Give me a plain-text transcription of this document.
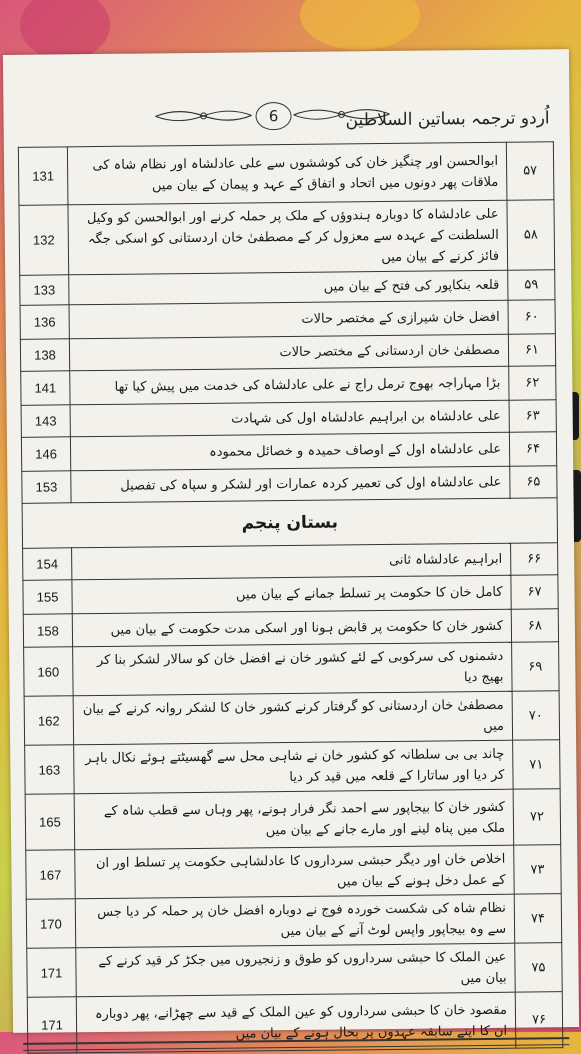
6	اُردو ترجمہ بساتین السلاطین
131	ابوالحسن اور چنگیز خان کی کوششوں سے علی عادلشاہ اور نظام شاہ کی ملاقات پھر دونوں میں اتحاد و اتفاق کے عہد و پیمان کے بیان میں	۵۷
132	علی عادلشاہ کا دوبارہ ہندوؤں کے ملک پر حملہ کرنے اور ابوالحسن کو وکیل السلطنت کے عہدہ سے معزول کر کے مصطفیٰ خان اردستانی کو اسکی جگہ فائز کرنے کے بیان میں	۵۸
133	قلعہ بنکاپور کی فتح کے بیان میں	۵۹
136	افضل خان شیرازی کے مختصر حالات	۶۰
138	مصطفیٰ خان اردستانی کے مختصر حالات	۶۱
141	بڑا مہاراجہ بھوج ترمل راج نے علی عادلشاہ کی خدمت میں پیش کیا تھا	۶۲
143	علی عادلشاہ بن ابراہیم عادلشاہ اول کی شہادت	۶۳
146	علی عادلشاہ اول کے اوصاف حمیدہ و خصائل محمودہ	۶۴
153	علی عادلشاہ اول کی تعمیر کردہ عمارات اور لشکر و سپاہ کی تفصیل	۶۵
بستان پنجم		
154	ابراہیم عادلشاہ ثانی	۶۶
155	کامل خان کا حکومت پر تسلط جمانے کے بیان میں	۶۷
158	کشور خان کا حکومت پر قابض ہونا اور اسکی مدت حکومت کے بیان میں	۶۸
160	دشمنوں کی سرکوبی کے لئے کشور خان نے افضل خان کو سالار لشکر بنا کر بھیج دیا	۶۹
162	مصطفیٰ خان اردستانی کو گرفتار کرنے کشور خان کا لشکر روانہ کرنے کے بیان میں	۷۰
163	چاند بی بی سلطانہ کو کشور خان نے شاہی محل سے گھسیٹتے ہوئے نکال باہر کر دیا اور ساتارا کے قلعہ میں قید کر دیا	۷۱
165	کشور خان کا بیجاپور سے احمد نگر فرار ہونے، پھر وہاں سے قطب شاہ کے ملک میں پناہ لینے اور مارے جانے کے بیان میں	۷۲
167	اخلاص خان اور دیگر حبشی سرداروں کا عادلشاہی حکومت پر تسلط اور ان کے عمل دخل ہونے کے بیان میں	۷۳
170	نظام شاہ کی شکست خوردہ فوج نے دوبارہ افضل خان پر حملہ کر دیا جس سے وہ بیجاپور واپس لوٹ آنے کے بیان میں	۷۴
171	عین الملک کا حبشی سرداروں کو طوق و زنجیروں میں جکڑ کر قید کرنے کے بیان میں	۷۵
171	مقصود خان کا حبشی سرداروں کو عین الملک کے قید سے چھڑانے، پھر دوبارہ ان کا اپنے سابقہ عہدوں پر بحال ہونے کے بیان میں	۷۶
